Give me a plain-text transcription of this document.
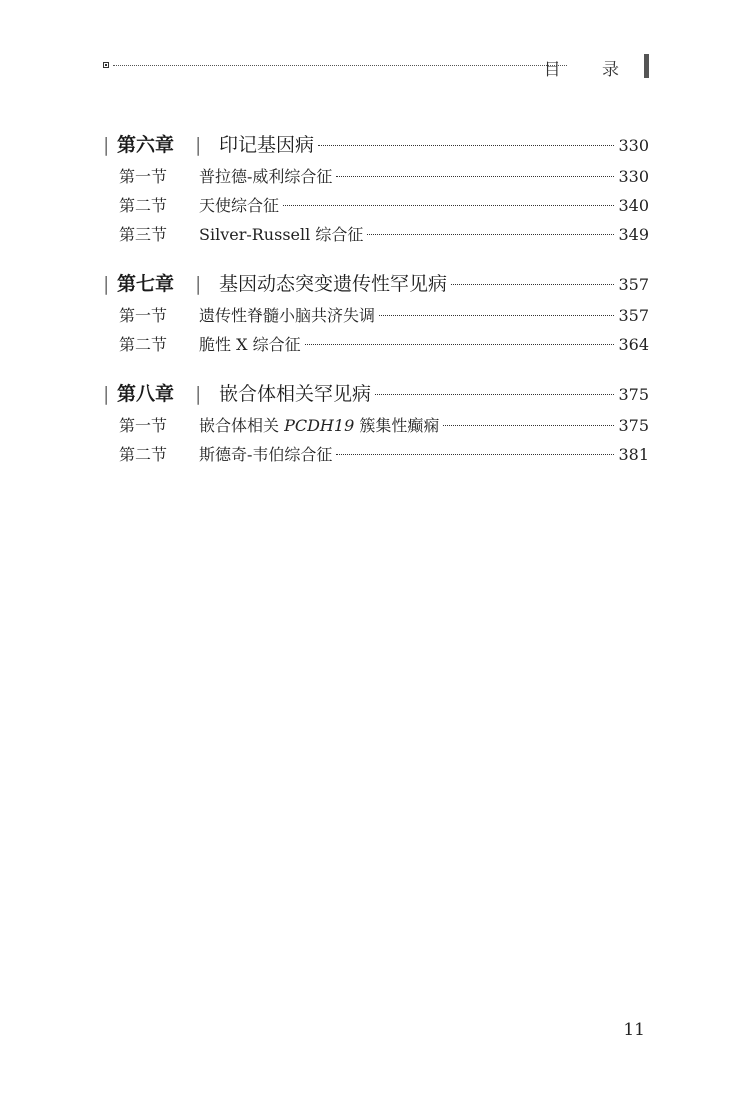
目 录
| 第六章	| 印记基因病	330
第一节	普拉德-威利综合征	330
第二节	天使综合征	340
第三节	Silver-Russell 综合征	349
| 第七章	| 基因动态突变遗传性罕见病	357
第一节	遗传性脊髓小脑共济失调	357
第二节	脆性 X 综合征	364
| 第八章	| 嵌合体相关罕见病	375
第一节	嵌合体相关 PCDH19 簇集性癫痫	375
第二节	斯德奇-韦伯综合征	381
11
